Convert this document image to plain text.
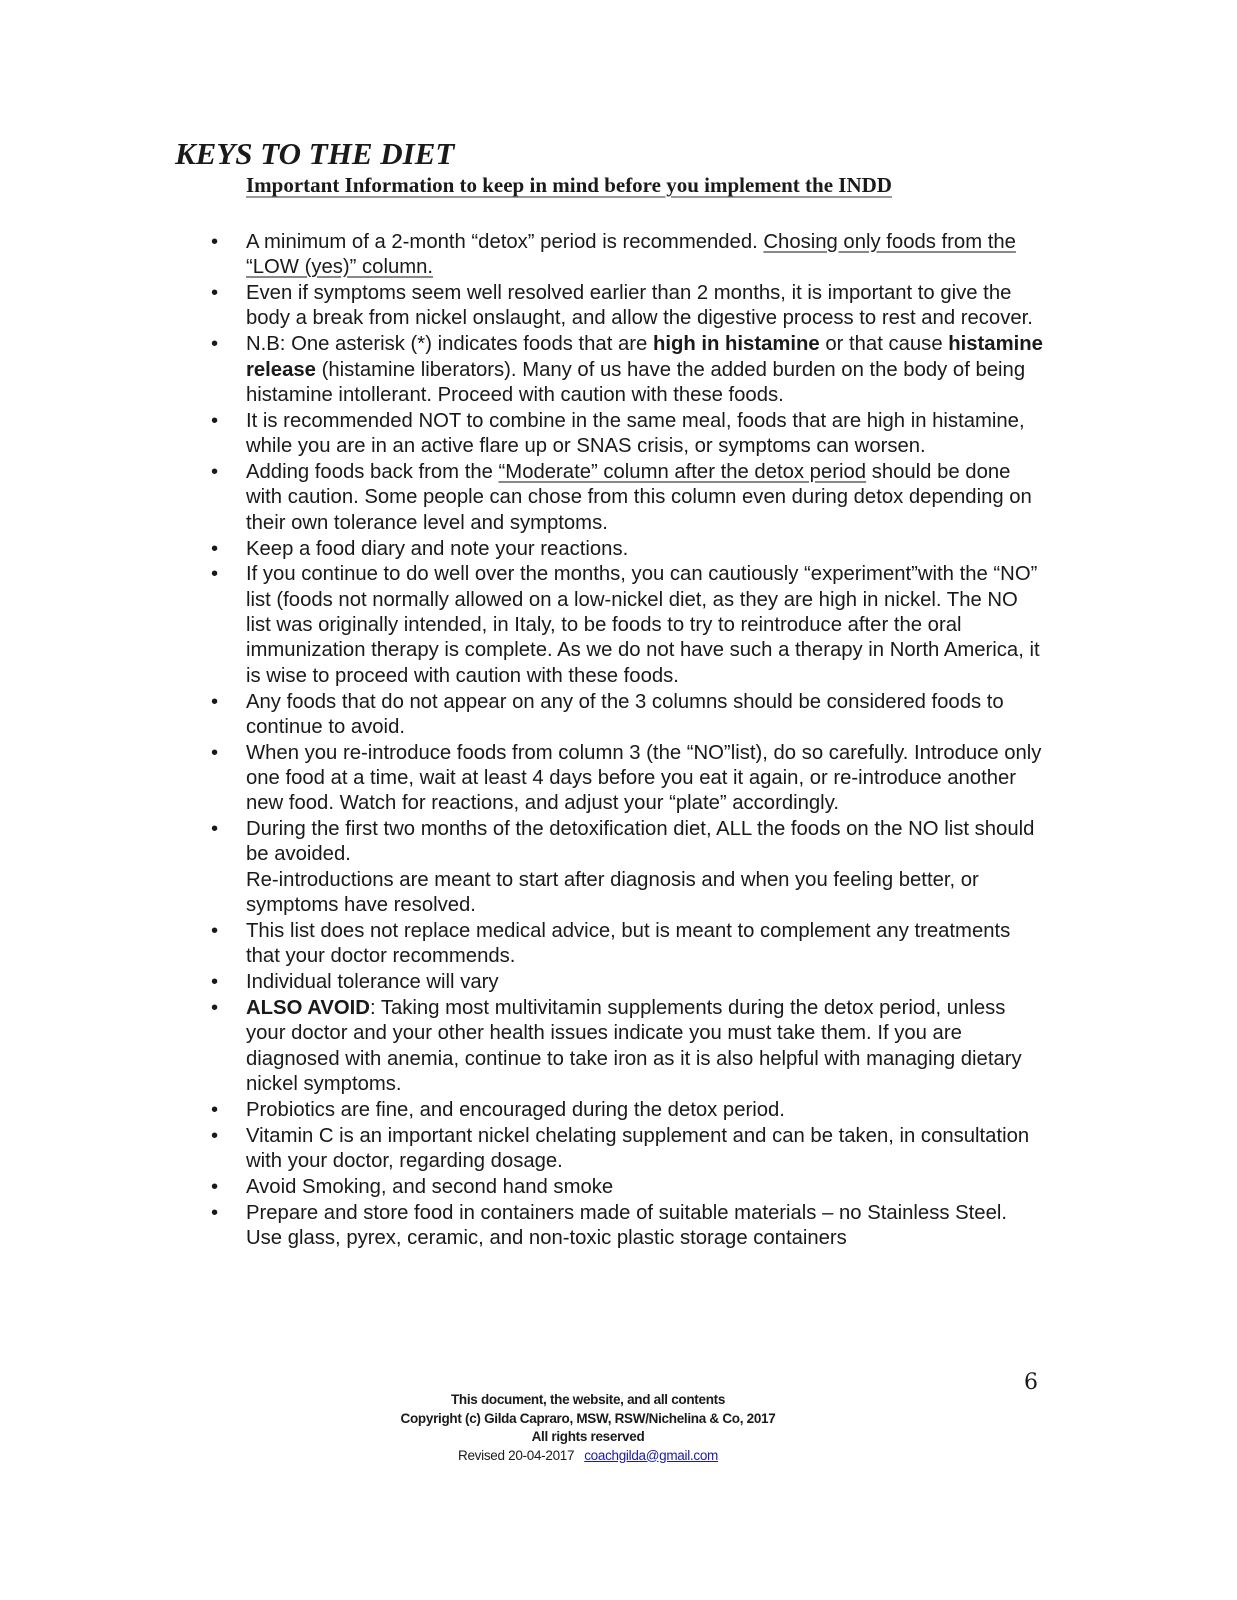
KEYS TO THE DIET
Important Information to keep in mind before you implement the INDD
• A minimum of a 2-month “detox” period is recommended. Chosing only foods from the “LOW (yes)” column.
• Even if symptoms seem well resolved earlier than 2 months, it is important to give the body a break from nickel onslaught, and allow the digestive process to rest and recover.
• N.B: One asterisk (*) indicates foods that are high in histamine or that cause histamine release (histamine liberators). Many of us have the added burden on the body of being histamine intollerant. Proceed with caution with these foods.
• It is recommended NOT to combine in the same meal, foods that are high in histamine, while you are in an active flare up or SNAS crisis, or symptoms can worsen.
• Adding foods back from the “Moderate” column after the detox period should be done with caution. Some people can chose from this column even during detox depending on their own tolerance level and symptoms.
• Keep a food diary and note your reactions.
• If you continue to do well over the months, you can cautiously “experiment”with the “NO” list (foods not normally allowed on a low-nickel diet, as they are high in nickel. The NO list was originally intended, in Italy, to be foods to try to reintroduce after the oral immunization therapy is complete. As we do not have such a therapy in North America, it is wise to proceed with caution with these foods.
• Any foods that do not appear on any of the 3 columns should be considered foods to continue to avoid.
• When you re-introduce foods from column 3 (the “NO”list), do so carefully. Introduce only one food at a time, wait at least 4 days before you eat it again, or re-introduce another new food. Watch for reactions, and adjust your “plate” accordingly.
• During the first two months of the detoxification diet, ALL the foods on the NO list should be avoided.
Re-introductions are meant to start after diagnosis and when you feeling better, or symptoms have resolved.
• This list does not replace medical advice, but is meant to complement any treatments that your doctor recommends.
• Individual tolerance will vary
• ALSO AVOID: Taking most multivitamin supplements during the detox period, unless your doctor and your other health issues indicate you must take them. If you are diagnosed with anemia, continue to take iron as it is also helpful with managing dietary nickel symptoms.
• Probiotics are fine, and encouraged during the detox period.
• Vitamin C is an important nickel chelating supplement and can be taken, in consultation with your doctor, regarding dosage.
• Avoid Smoking, and second hand smoke
• Prepare and store food in containers made of suitable materials – no Stainless Steel. Use glass, pyrex, ceramic, and non-toxic plastic storage containers
6
This document, the website, and all contents
Copyright (c) Gilda Capraro, MSW, RSW/Nichelina & Co, 2017
All rights reserved
Revised 20-04-2017 coachgilda@gmail.com
